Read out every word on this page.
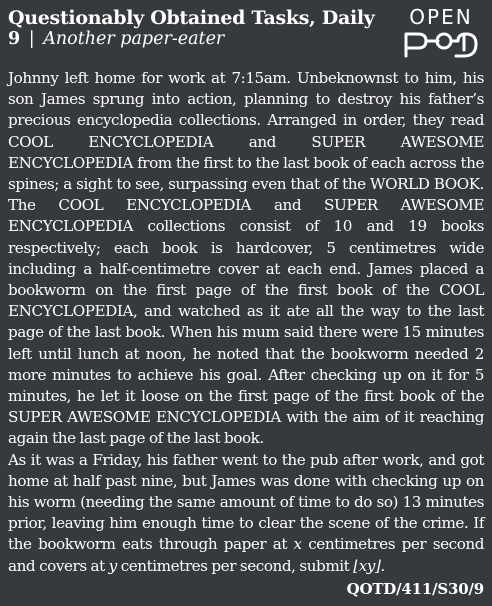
Questionably Obtained Tasks, Daily
9 | Another paper-eater
OPEN

Johnny left home for work at 7:15am. Unbeknownst to him, his son James sprung into action, planning to destroy his father’s precious encyclopedia collections. Arranged in order, they read COOL ENCYCLOPEDIA and SUPER AWESOME ENCYCLOPEDIA from the first to the last book of each across the spines; a sight to see, surpassing even that of the WORLD BOOK. The COOL ENCYCLOPEDIA and SUPER AWESOME ENCYCLOPEDIA collections consist of 10 and 19 books respectively; each book is hardcover, 5 centimetres wide including a half-centimetre cover at each end. James placed a bookworm on the first page of the first book of the COOL ENCYCLOPEDIA, and watched as it ate all the way to the last page of the last book. When his mum said there were 15 minutes left until lunch at noon, he noted that the bookworm needed 2 more minutes to achieve his goal. After checking up on it for 5 minutes, he let it loose on the first page of the first book of the SUPER AWESOME ENCYCLOPEDIA with the aim of it reaching again the last page of the last book.

As it was a Friday, his father went to the pub after work, and got home at half past nine, but James was done with checking up on his worm (needing the same amount of time to do so) 13 minutes prior, leaving him enough time to clear the scene of the crime. If the bookworm eats through paper at x centimetres per second and covers at y centimetres per second, submit ⌊xy⌋.

QOTD/411/S30/9
